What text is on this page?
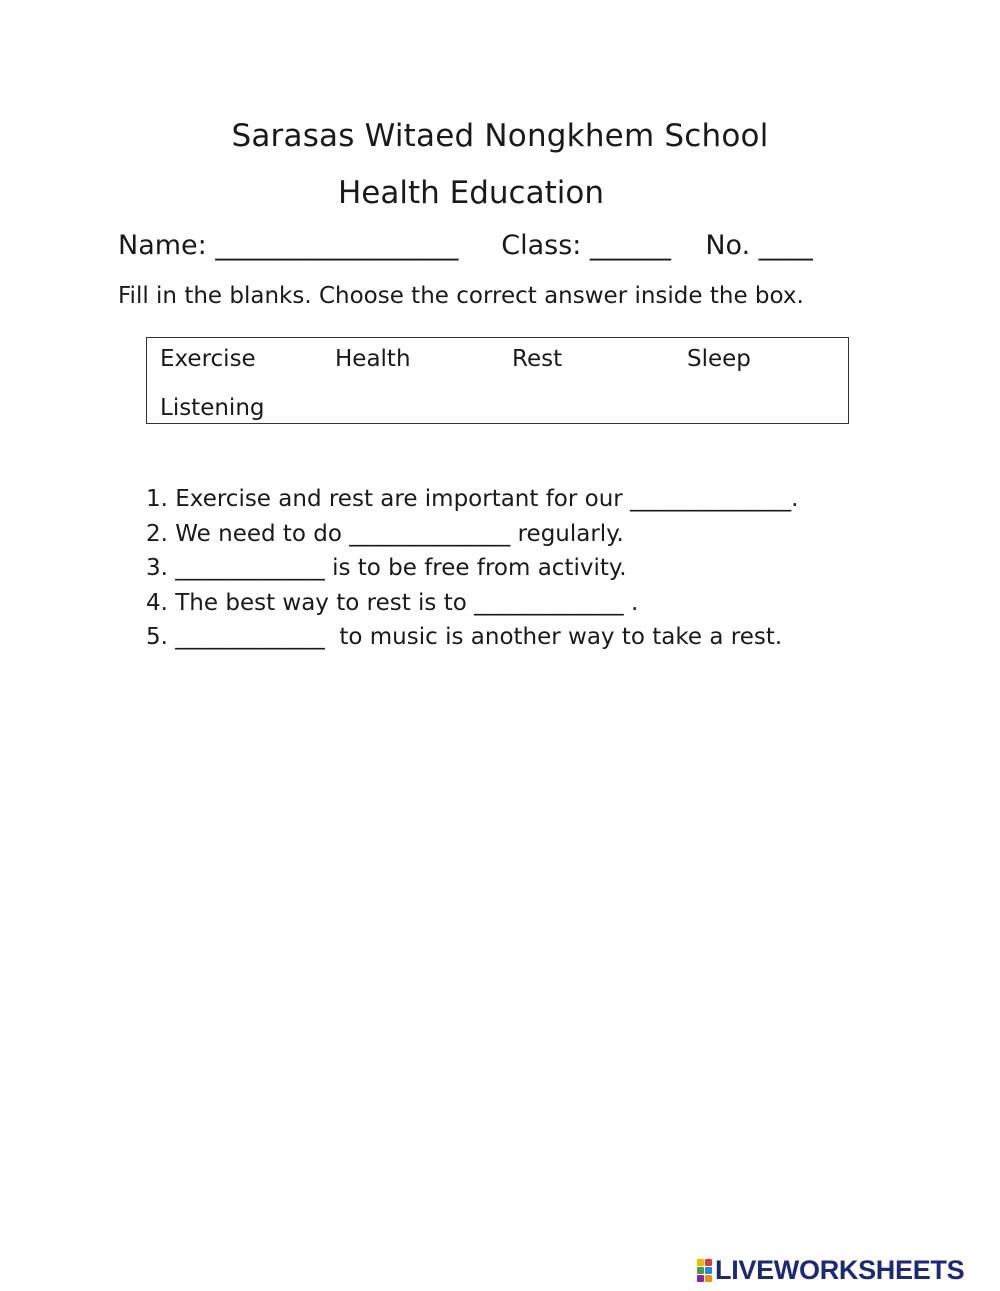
Sarasas Witaed Nongkhem School
Health Education
Name: __________________ Class: ______ No. ____
Fill in the blanks. Choose the correct answer inside the box.
Exercise	Health	Rest	Sleep
Listening
1. Exercise and rest are important for our ______________.
2. We need to do ______________ regularly.
3. _____________ is to be free from activity.
4. The best way to rest is to _____________ .
5. _____________  to music is another way to take a rest.
LIVEWORKSHEETS
